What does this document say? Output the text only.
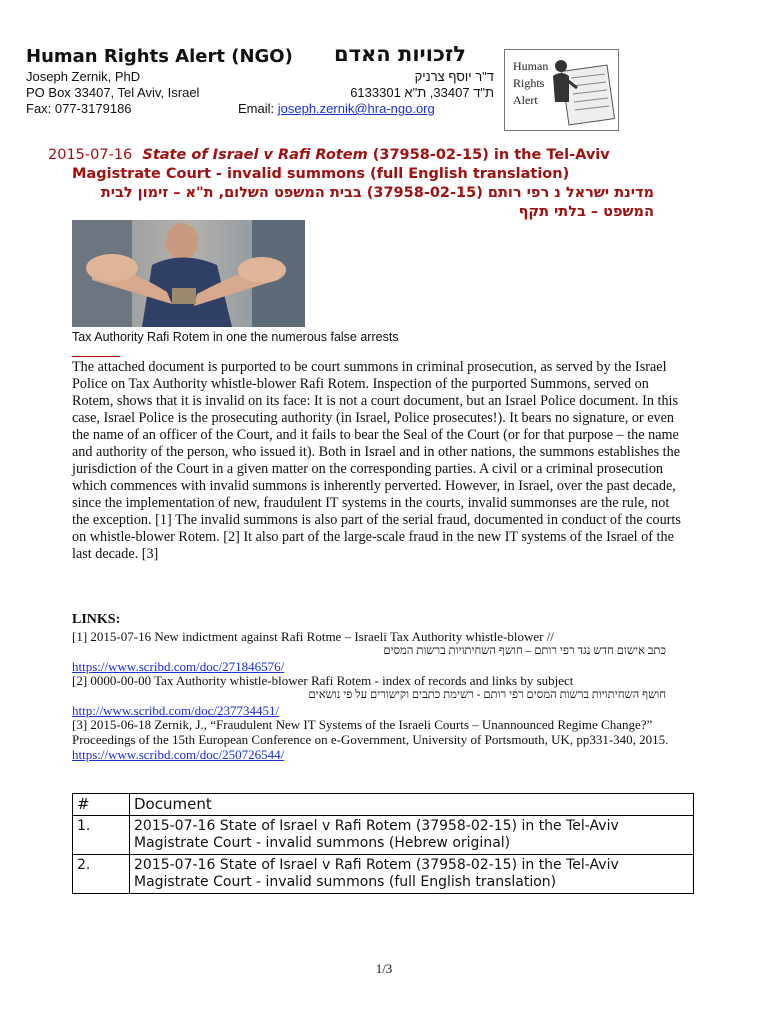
Human Rights Alert (NGO) לזכויות האדם
Joseph Zernik, PhD
PO Box 33407, Tel Aviv, Israel
ד"ר יוסף צרניק
ת"ד 33407, ת"א 6133301
Fax: 077-3179186	Email: joseph.zernik@hra-ngo.org
Human
Rights
Alert
2015-07-16 State of Israel v Rafi Rotem (37958-02-15) in the Tel-Aviv
Magistrate Court - invalid summons (full English translation)
מדינת ישראל נ רפי רותם (37958-02-15) בבית המשפט השלום, ת"א – זימון לבית המשפט – בלתי תקף
Tax Authority Rafi Rotem in one the numerous false arrests
The attached document is purported to be court summons in criminal prosecution, as served by the Israel Police on Tax Authority whistle-blower Rafi Rotem. Inspection of the purported Summons, served on Rotem, shows that it is invalid on its face: It is not a court document, but an Israel Police document. In this case, Israel Police is the prosecuting authority (in Israel, Police prosecutes!). It bears no signature, or even the name of an officer of the Court, and it fails to bear the Seal of the Court (or for that purpose – the name and authority of the person, who issued it). Both in Israel and in other nations, the summons establishes the jurisdiction of the Court in a given matter on the corresponding parties. A civil or a criminal prosecution which commences with invalid summons is inherently perverted. However, in Israel, over the past decade, since the implementation of new, fraudulent IT systems in the courts, invalid summonses are the rule, not the exception. [1] The invalid summons is also part of the serial fraud, documented in conduct of the courts on whistle-blower Rotem. [2] It also part of the large-scale fraud in the new IT systems of the Israel of the last decade. [3]
LINKS:
[1] 2015-07-16 New indictment against Rafi Rotme – Israeli Tax Authority whistle-blower //
כתב אישום חדש נגד רפי רותם – חושף השחיתויות ברשות המסים
https://www.scribd.com/doc/271846576/
[2] 0000-00-00 Tax Authority whistle-blower Rafi Rotem - index of records and links by subject
חושף השחיתויות ברשות המסים רפי רותם - רשימת כתבים וקישורים על פי נושאים
http://www.scribd.com/doc/237734451/
[3] 2015-06-18 Zernik, J., “Fraudulent New IT Systems of the Israeli Courts – Unannounced Regime Change?” Proceedings of the 15th European Conference on e-Government, University of Portsmouth, UK, pp331-340, 2015.
https://www.scribd.com/doc/250726544/
#	Document
1.	2015-07-16 State of Israel v Rafi Rotem (37958-02-15) in the Tel-Aviv Magistrate Court - invalid summons (Hebrew original)
2.	2015-07-16 State of Israel v Rafi Rotem (37958-02-15) in the Tel-Aviv Magistrate Court - invalid summons (full English translation)
1/3
